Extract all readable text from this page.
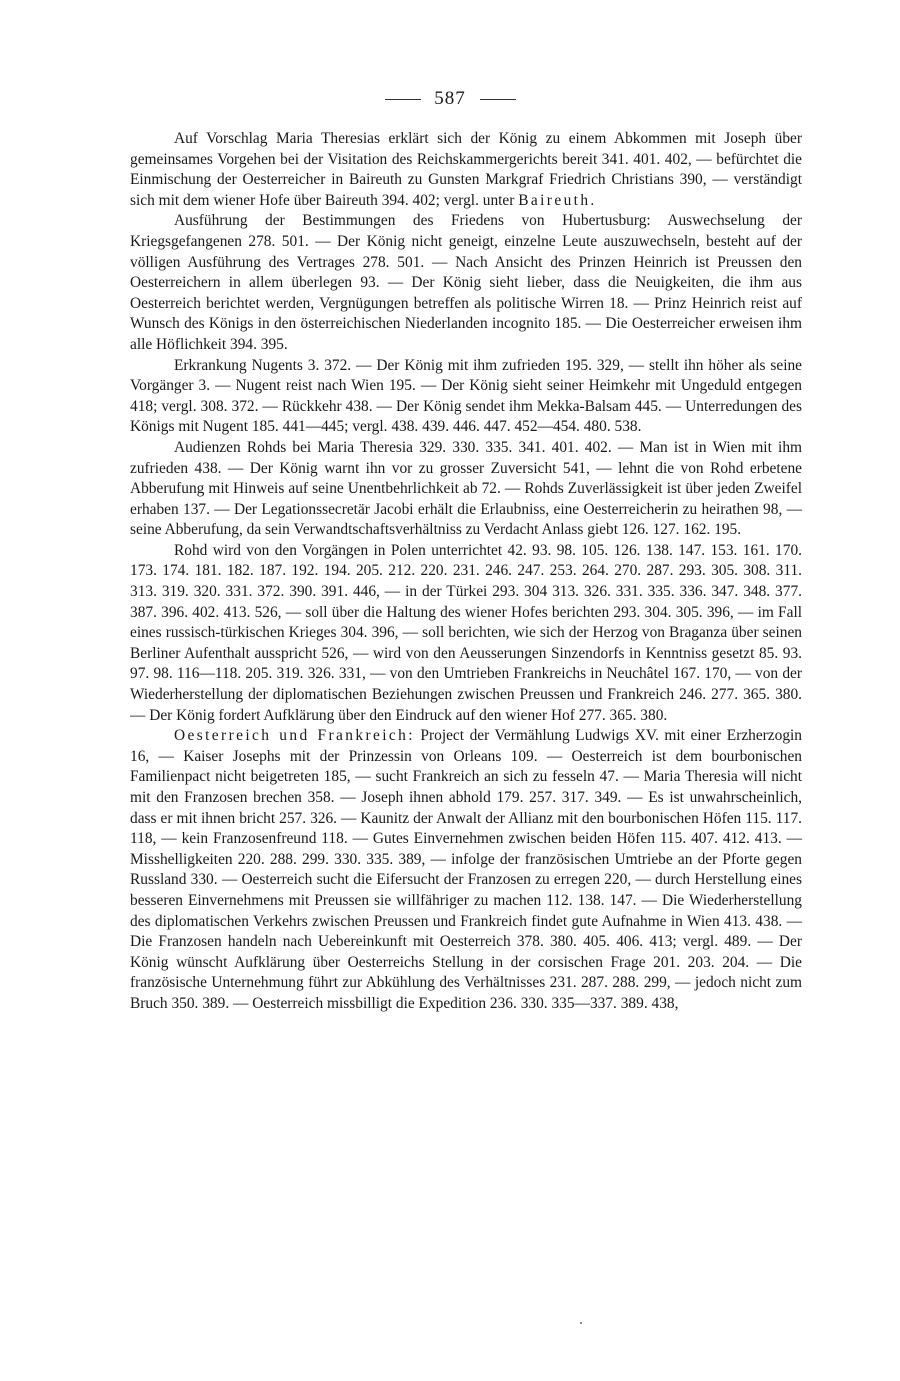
587

Auf Vorschlag Maria Theresias erklärt sich der König zu einem Abkommen mit Joseph über gemeinsames Vorgehen bei der Visitation des Reichskammergerichts bereit 341. 401. 402, — befürchtet die Einmischung der Oesterreicher in Baireuth zu Gunsten Markgraf Friedrich Christians 390, — verständigt sich mit dem wiener Hofe über Baireuth 394. 402; vergl. unter Baireuth.

Ausführung der Bestimmungen des Friedens von Hubertusburg: Auswechselung der Kriegsgefangenen 278. 501. — Der König nicht geneigt, einzelne Leute auszuwechseln, besteht auf der völligen Ausführung des Vertrages 278. 501. — Nach Ansicht des Prinzen Heinrich ist Preussen den Oesterreichern in allem überlegen 93. — Der König sieht lieber, dass die Neuigkeiten, die ihm aus Oesterreich berichtet werden, Vergnügungen betreffen als politische Wirren 18. — Prinz Heinrich reist auf Wunsch des Königs in den österreichischen Niederlanden incognito 185. — Die Oesterreicher erweisen ihm alle Höflichkeit 394. 395.

Erkrankung Nugents 3. 372. — Der König mit ihm zufrieden 195. 329, — stellt ihn höher als seine Vorgänger 3. — Nugent reist nach Wien 195. — Der König sieht seiner Heimkehr mit Ungeduld entgegen 418; vergl. 308. 372. — Rückkehr 438. — Der König sendet ihm Mekka-Balsam 445. — Unterredungen des Königs mit Nugent 185. 441—445; vergl. 438. 439. 446. 447. 452—454. 480. 538.

Audienzen Rohds bei Maria Theresia 329. 330. 335. 341. 401. 402. — Man ist in Wien mit ihm zufrieden 438. — Der König warnt ihn vor zu grosser Zuversicht 541, — lehnt die von Rohd erbetene Abberufung mit Hinweis auf seine Unentbehrlichkeit ab 72. — Rohds Zuverlässigkeit ist über jeden Zweifel erhaben 137. — Der Legationssecretär Jacobi erhält die Erlaubniss, eine Oesterreicherin zu heirathen 98, — seine Abberufung, da sein Verwandtschaftsverhältniss zu Verdacht Anlass giebt 126. 127. 162. 195.

Rohd wird von den Vorgängen in Polen unterrichtet 42. 93. 98. 105. 126. 138. 147. 153. 161. 170. 173. 174. 181. 182. 187. 192. 194. 205. 212. 220. 231. 246. 247. 253. 264. 270. 287. 293. 305. 308. 311. 313. 319. 320. 331. 372. 390. 391. 446, — in der Türkei 293. 304 313. 326. 331. 335. 336. 347. 348. 377. 387. 396. 402. 413. 526, — soll über die Haltung des wiener Hofes berichten 293. 304. 305. 396, — im Fall eines russisch-türkischen Krieges 304. 396, — soll berichten, wie sich der Herzog von Braganza über seinen Berliner Aufenthalt ausspricht 526, — wird von den Aeusserungen Sinzendorfs in Kenntniss gesetzt 85. 93. 97. 98. 116—118. 205. 319. 326. 331, — von den Umtrieben Frankreichs in Neuchâtel 167. 170, — von der Wiederherstellung der diplomatischen Beziehungen zwischen Preussen und Frankreich 246. 277. 365. 380. — Der König fordert Aufklärung über den Eindruck auf den wiener Hof 277. 365. 380.

Oesterreich und Frankreich: Project der Vermählung Ludwigs XV. mit einer Erzherzogin 16, — Kaiser Josephs mit der Prinzessin von Orleans 109. — Oesterreich ist dem bourbonischen Familienpact nicht beigetreten 185, — sucht Frankreich an sich zu fesseln 47. — Maria Theresia will nicht mit den Franzosen brechen 358. — Joseph ihnen abhold 179. 257. 317. 349. — Es ist unwahrscheinlich, dass er mit ihnen bricht 257. 326. — Kaunitz der Anwalt der Allianz mit den bourbonischen Höfen 115. 117. 118, — kein Franzosenfreund 118. — Gutes Einvernehmen zwischen beiden Höfen 115. 407. 412. 413. — Misshelligkeiten 220. 288. 299. 330. 335. 389, — infolge der französischen Umtriebe an der Pforte gegen Russland 330. — Oesterreich sucht die Eifersucht der Franzosen zu erregen 220, — durch Herstellung eines besseren Einvernehmens mit Preussen sie willfähriger zu machen 112. 138. 147. — Die Wiederherstellung des diplomatischen Verkehrs zwischen Preussen und Frankreich findet gute Aufnahme in Wien 413. 438. — Die Franzosen handeln nach Uebereinkunft mit Oesterreich 378. 380. 405. 406. 413; vergl. 489. — Der König wünscht Aufklärung über Oesterreichs Stellung in der corsischen Frage 201. 203. 204. — Die französische Unternehmung führt zur Abkühlung des Verhältnisses 231. 287. 288. 299, — jedoch nicht zum Bruch 350. 389. — Oesterreich missbilligt die Expedition 236. 330. 335—337. 389. 438,
